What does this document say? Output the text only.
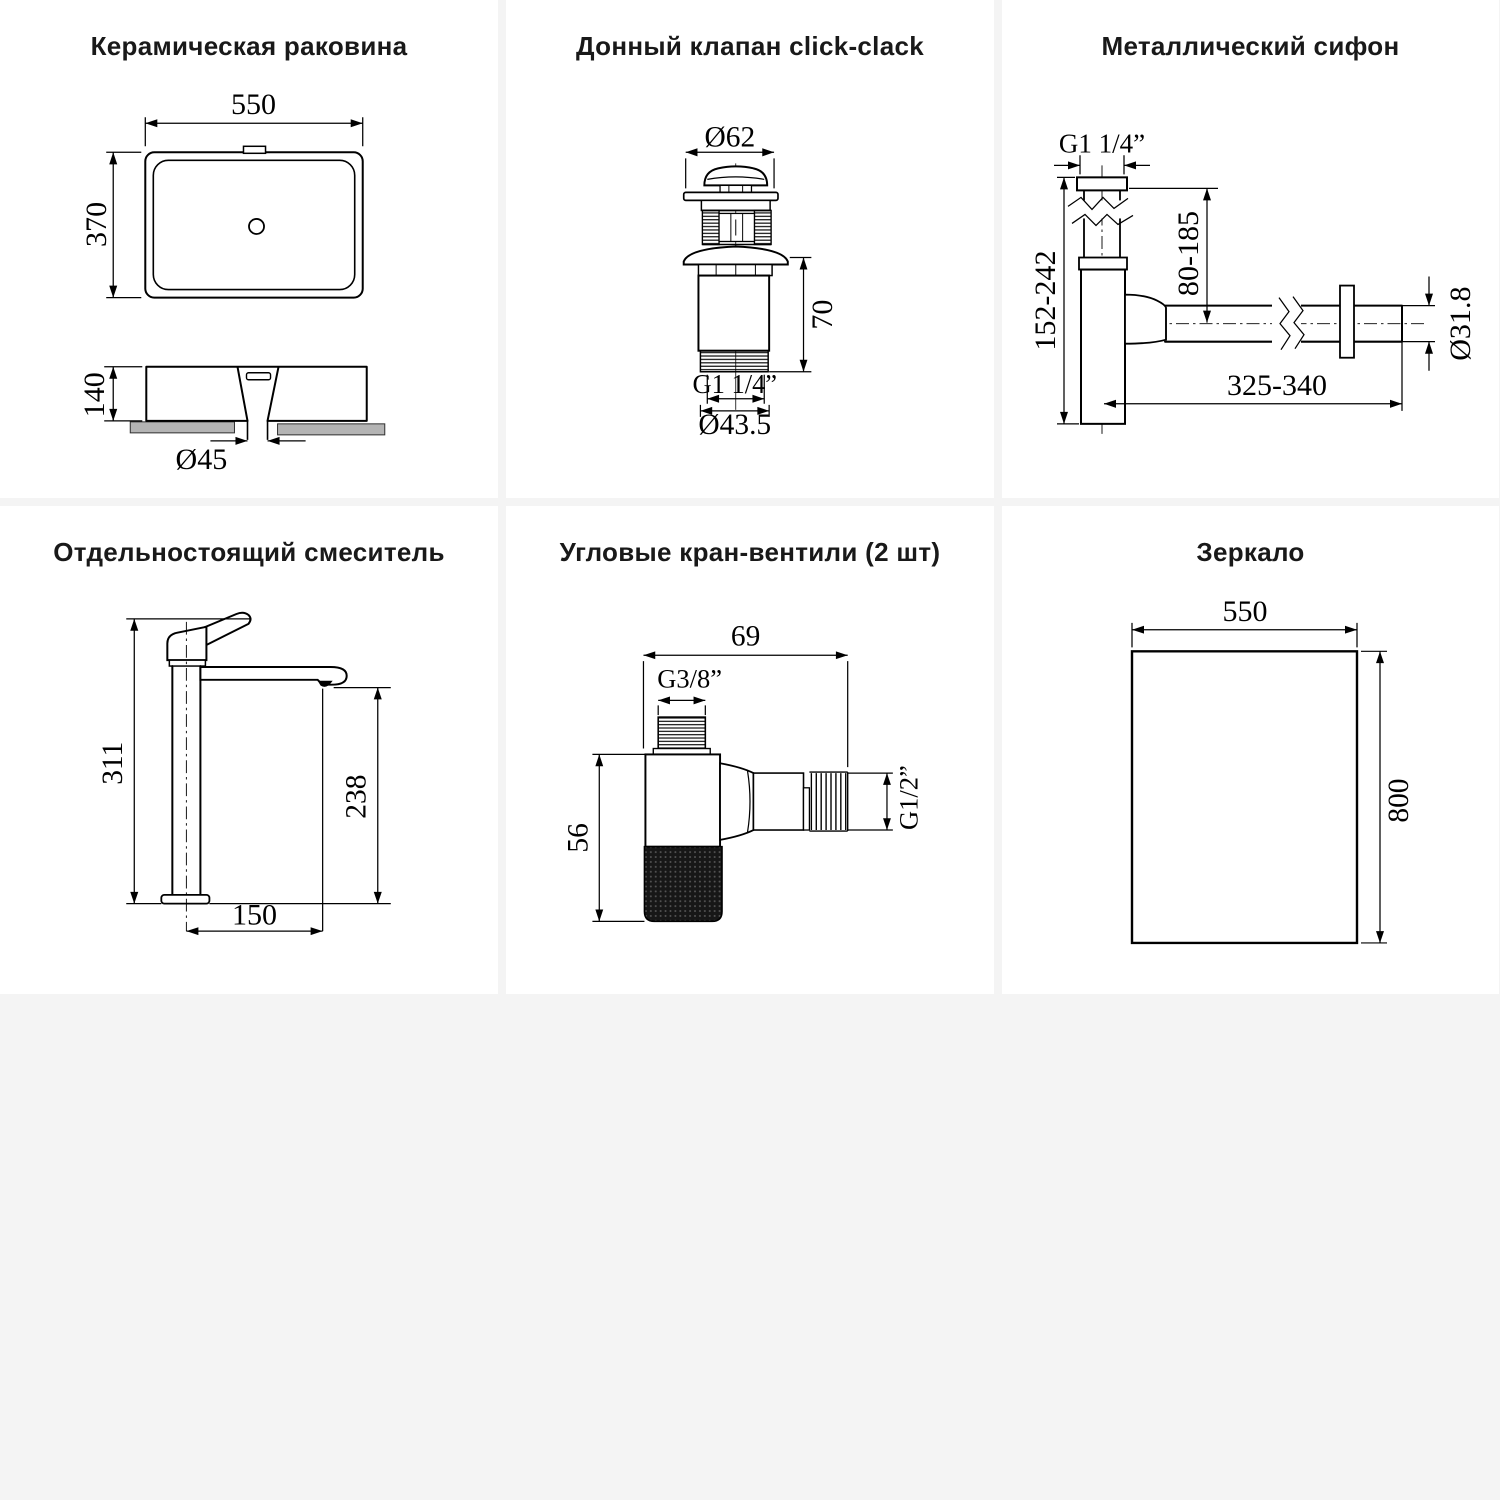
Керамическая раковина
550
370
140
Ø45
Донный клапан click-clack
Ø62
70
G1 1/4”
Ø43.5
Металлический сифон
G1 1/4”
152-242	80-185
Ø31.8
325-340
Отдельностоящий смеситель
311
238
150
Угловые кран-вентили (2 шт)
69
G3/8”
56
G1/2”
Зеркало
550
800
